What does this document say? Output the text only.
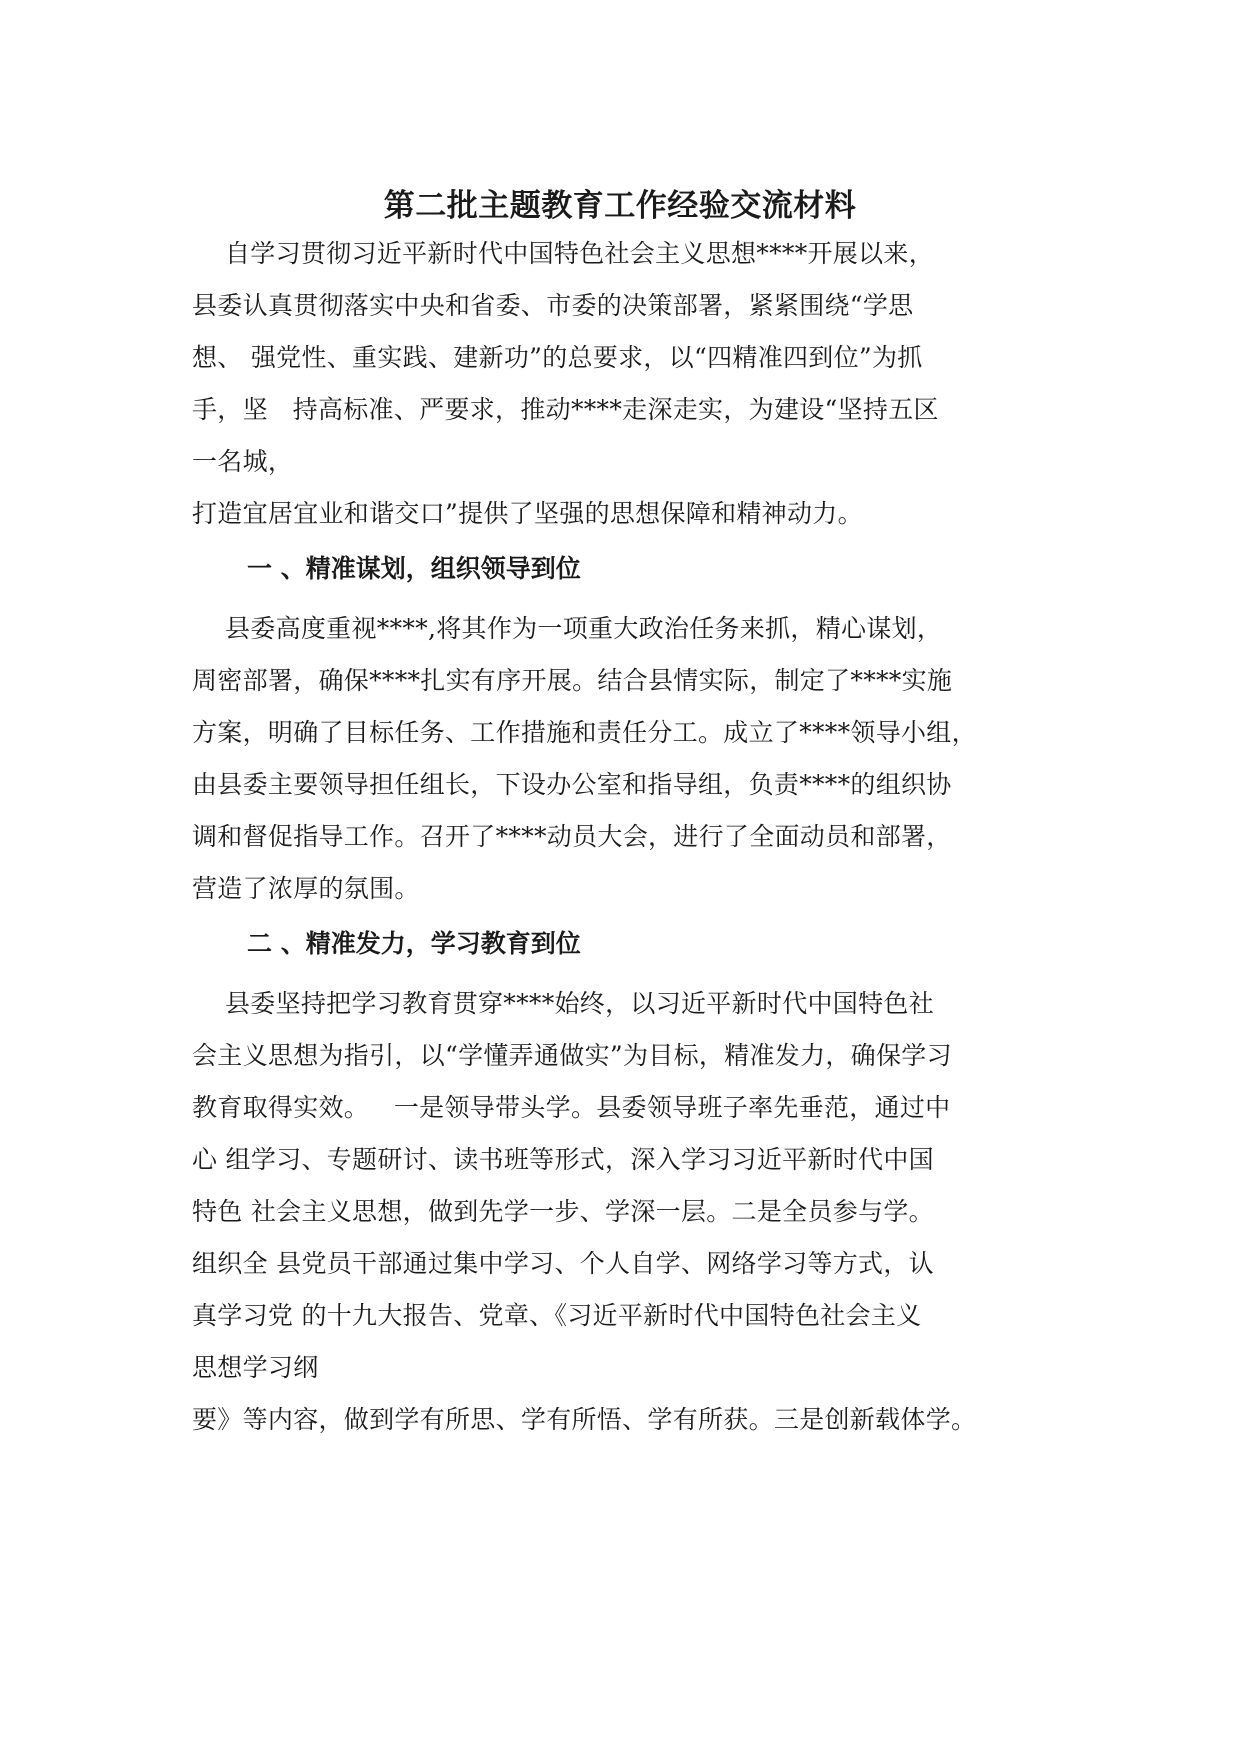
第二批主题教育工作经验交流材料
自学习贯彻习近平新时代中国特色社会主义思想****开展以来，
县委认真贯彻落实中央和省委、市委的决策部署，紧紧围绕“学思
想、 强党性、重实践、建新功”的总要求，以“四精准四到位”为抓
手，坚   持高标准、严要求，推动****走深走实，为建设“坚持五区
一名城，
打造宜居宜业和谐交口”提供了坚强的思想保障和精神动力。
一 、精准谋划，组织领导到位
县委高度重视****,将其作为一项重大政治任务来抓，精心谋划，
周密部署，确保****扎实有序开展。结合县情实际，制定了****实施
方案，明确了目标任务、工作措施和责任分工。成立了****领导小组，
由县委主要领导担任组长，下设办公室和指导组，负责****的组织协
调和督促指导工作。召开了****动员大会，进行了全面动员和部署，
营造了浓厚的氛围。
二 、精准发力，学习教育到位
县委坚持把学习教育贯穿****始终，以习近平新时代中国特色社
会主义思想为指引，以“学懂弄通做实”为目标，精准发力，确保学习
教育取得实效。   一是领导带头学。县委领导班子率先垂范，通过中
心 组学习、专题研讨、读书班等形式，深入学习习近平新时代中国
特色 社会主义思想，做到先学一步、学深一层。二是全员参与学。
组织全 县党员干部通过集中学习、个人自学、网络学习等方式，认
真学习党 的十九大报告、党章、《习近平新时代中国特色社会主义
思想学习纲
要》等内容，做到学有所思、学有所悟、学有所获。三是创新载体学。
